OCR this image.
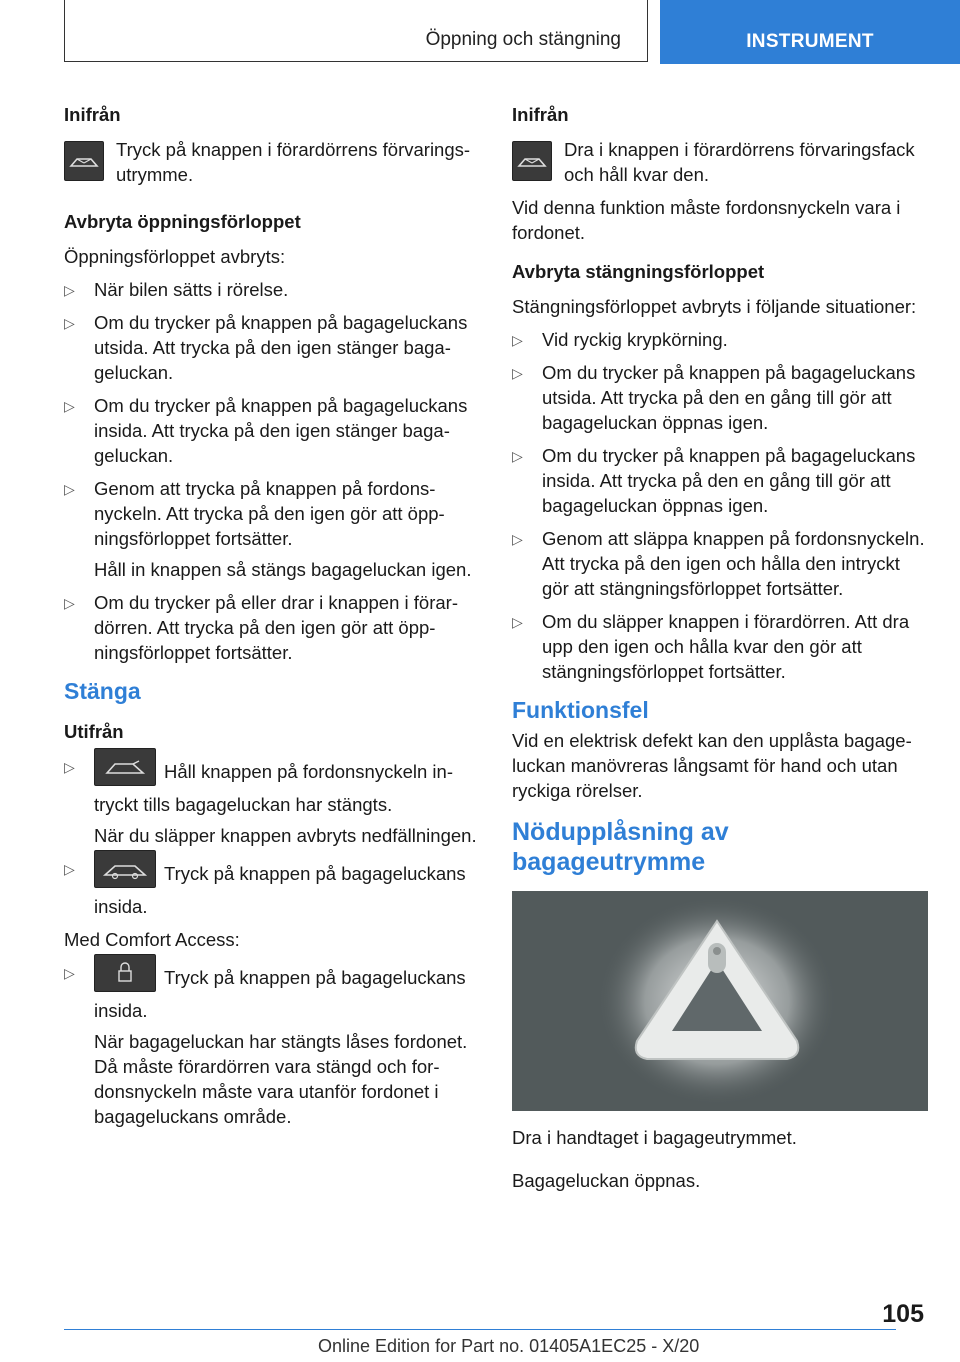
Öppning och stängning	INSTRUMENT
Inifrån
Tryck på knappen i förardörrens förvaringsutrymme.
Avbryta öppningsförloppet
Öppningsförloppet avbryts:
▷ När bilen sätts i rörelse.
▷ Om du trycker på knappen på bagageluckans utsida. Att trycka på den igen stänger bagageluckan.
▷ Om du trycker på knappen på bagageluckans insida. Att trycka på den igen stänger bagageluckan.
▷ Genom att trycka på knappen på fordonsnyckeln. Att trycka på den igen gör att öppningsförloppet fortsätter.
Håll in knappen så stängs bagageluckan igen.
▷ Om du trycker på eller drar i knappen i förardörren. Att trycka på den igen gör att öppningsförloppet fortsätter.
Stänga
Utifrån
▷	Håll knappen på fordonsnyckeln intryckt tills bagageluckan har stängts.
När du släpper knappen avbryts nedfällningen.
▷	Tryck på knappen på bagageluckans insida.
Med Comfort Access:
▷	Tryck på knappen på bagageluckans insida.
När bagageluckan har stängts låses fordonet. Då måste förardörren vara stängd och fordonsnyckeln måste vara utanför fordonet i bagageluckans område.
Inifrån
Dra i knappen i förardörrens förvaringsfack och håll kvar den.
Vid denna funktion måste fordonsnyckeln vara i fordonet.
Avbryta stängningsförloppet
Stängningsförloppet avbryts i följande situationer:
▷ Vid ryckig krypkörning.
▷ Om du trycker på knappen på bagageluckans utsida. Att trycka på den en gång till gör att bagageluckan öppnas igen.
▷ Om du trycker på knappen på bagageluckans insida. Att trycka på den en gång till gör att bagageluckan öppnas igen.
▷ Genom att släppa knappen på fordonsnyckeln. Att trycka på den igen och hålla den intryckt gör att stängningsförloppet fortsätter.
▷ Om du släpper knappen i förardörren. Att dra upp den igen och hålla kvar den gör att stängningsförloppet fortsätter.
Funktionsfel
Vid en elektrisk defekt kan den upplåsta bagageluckan manövreras långsamt för hand och utan ryckiga rörelser.
Nödupplåsning av bagageutrymme
Dra i handtaget i bagageutrymmet.
Bagageluckan öppnas.
105
Online Edition for Part no. 01405A1EC25 - X/20
